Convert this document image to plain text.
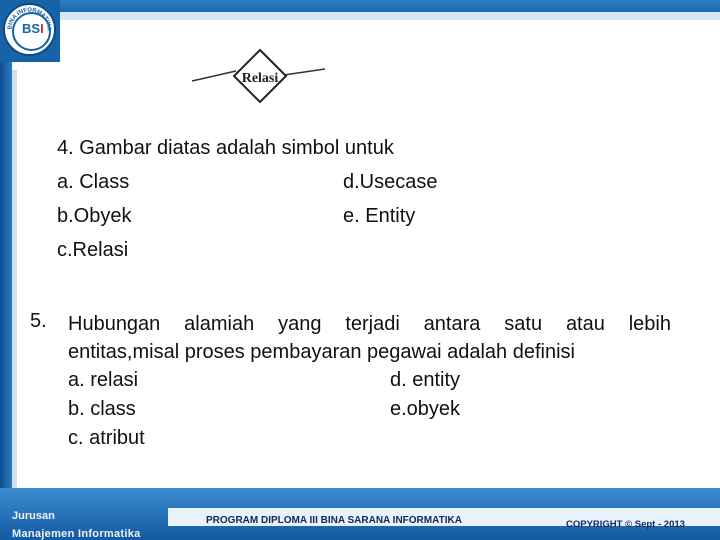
BINA INFORMATIKA
BSI
Relasi
4. Gambar diatas adalah simbol untuk
a. Class	d.Usecase
b.Obyek	e. Entity
c.Relasi
5. Hubungan alamiah yang terjadi antara satu atau lebih
entitas,misal proses pembayaran pegawai adalah definisi
a. relasi	d. entity
b. class	e.obyek
c. atribut
Jurusan
Manajemen Informatika
PROGRAM DIPLOMA III BINA SARANA INFORMATIKA	COPYRIGHT © Sept - 2013
